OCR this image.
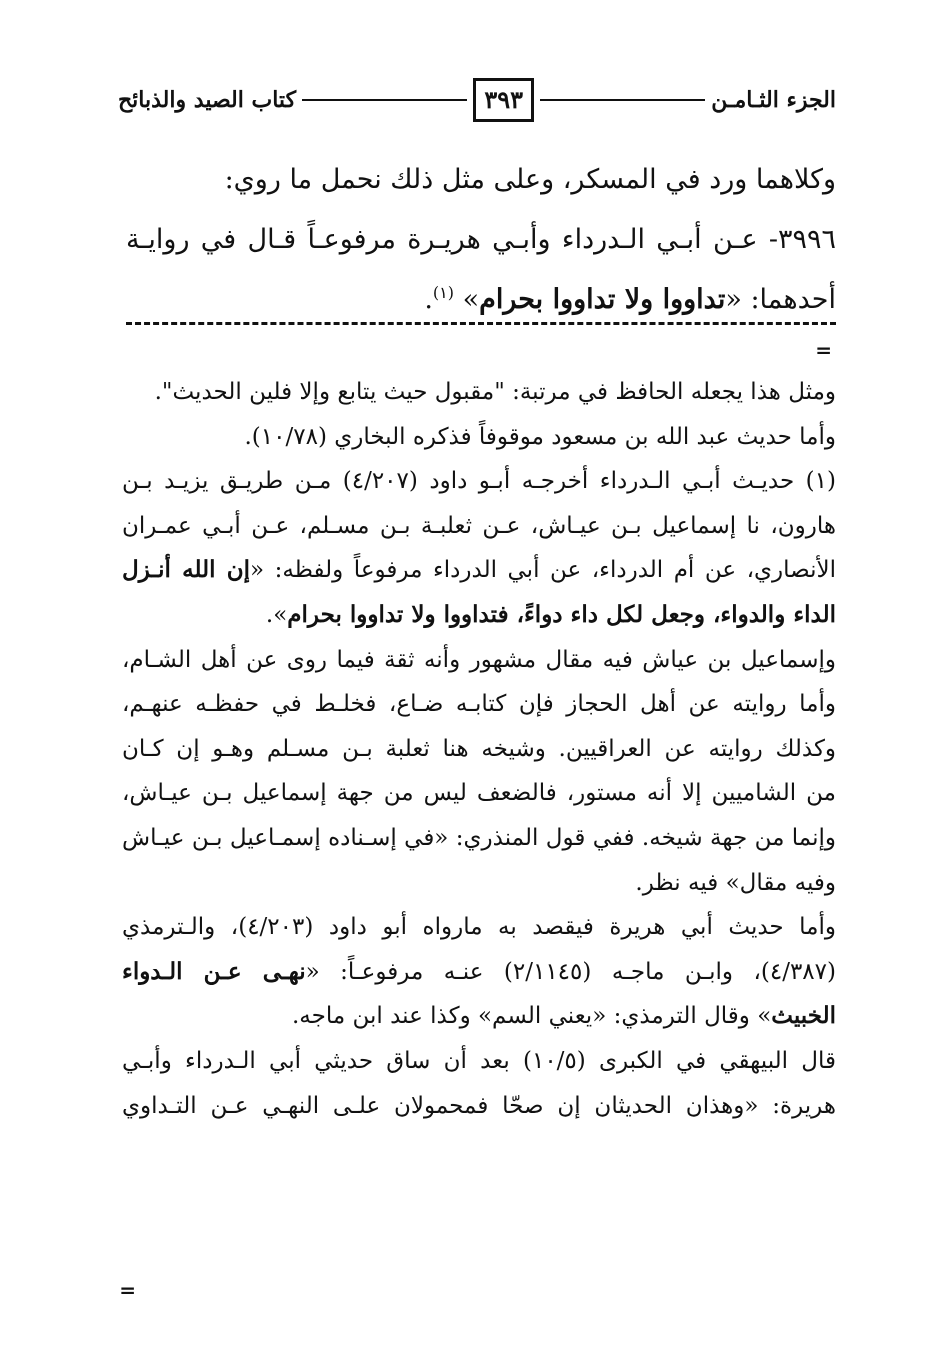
الجزء الثـامـن
٣٩٣
كتاب الصيد والذبائح

وكلاهما ورد في المسكر، وعلى مثل ذلك نحمل ما روي:

٣٩٩٦- عـن أبـي الـدرداء وأبـي هريـرة مرفوعـاً قـال في روايـة

أحدهما: «تداووا ولا تداووا بحرام» $^{(١)}$.

=

ومثل هذا يجعله الحافظ في مرتبة: "مقبول حيث يتابع وإلا فلين الحديث".

وأما حديث عبد الله بن مسعود موقوفاً فذكره البخاري (١٠/٧٨).

(١) حديـث أبـي الـدرداء أخرجـه أبـو داود (٤/٢٠٧) مـن طريـق يزيـد بـن

هارون، نا إسماعيل بـن عيـاش، عـن ثعلبـة بـن مسـلم، عـن أبـي عمـران

الأنصاري، عن أم الدرداء، عن أبي الدرداء مرفوعاً ولفظه: «إن الله أنـزل

الداء والدواء، وجعل لكل داء دواءً، فتداووا ولا تداووا بحرام».

وإسماعيل بن عياش فيه مقال مشهور وأنه ثقة فيما روى عن أهل الشـام،

وأما روايته عن أهل الحجاز فإن كتابـه ضـاع، فخلـط في حفظـه عنهـم،

وكذلك روايته عن العراقيين. وشيخه هنا ثعلبة بـن مسـلم وهـو إن كـان

من الشاميين إلا أنه مستور، فالضعف ليس من جهة إسماعيل بـن عيـاش،

وإنما من جهة شيخه. ففي قول المنذري: «في إسـناده إسمـاعيل بـن عيـاش

وفيه مقال» فيه نظر.

وأما حديث أبي هريرة فيقصد به مارواه أبو داود (٤/٢٠٣)، والـترمذي

(٤/٣٨٧)، وابـن ماجـه (٢/١١٤٥) عنـه مرفوعـاً: «نهـى عـن الـدواء

الخبيث» وقال الترمذي: «يعني السم» وكذا عند ابن ماجه.

قال البيهقي في الكبرى (١٠/٥) بعد أن ساق حديثي أبي الـدرداء وأبـي

هريرة: «وهذان الحديثان إن صحّا فمحمولان علـى النهـي عـن التـداوي

=
